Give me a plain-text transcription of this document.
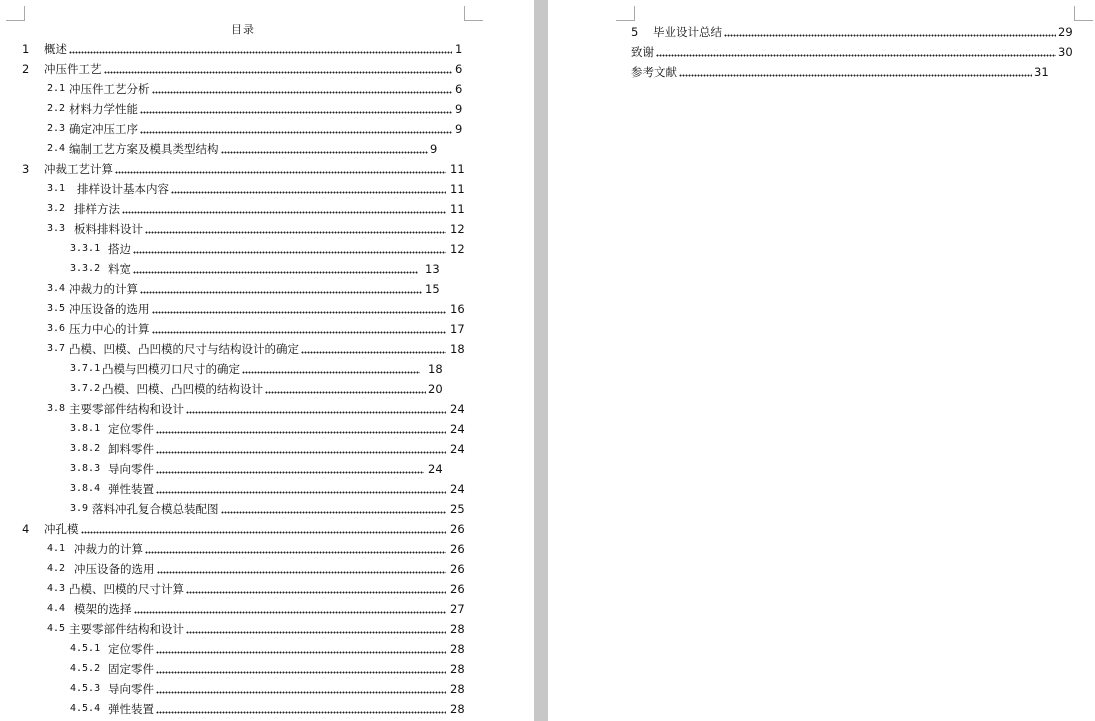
目录
1 概述	1
2 冲压件工艺	6
2.1 冲压件工艺分析	6
2.2 材料力学性能	9
2.3 确定冲压工序	9
2.4 编制工艺方案及模具类型结构	9
3 冲裁工艺计算	11
3.1 排样设计基本内容	11
3.2 排样方法	11
3.3 板料排料设计	12
3.3.1 搭边	12
3.3.2 料宽	13
3.4 冲裁力的计算	15
3.5 冲压设备的选用	16
3.6 压力中心的计算	17
3.7 凸模、凹模、凸凹模的尺寸与结构设计的确定	18
3.7.1 凸模与凹模刃口尺寸的确定	18
3.7.2 凸模、凹模、凸凹模的结构设计	20
3.8 主要零部件结构和设计	24
3.8.1 定位零件	24
3.8.2 卸料零件	24
3.8.3 导向零件	24
3.8.4 弹性装置	24
3.9 落料冲孔复合模总装配图	25
4 冲孔模	26
4.1 冲裁力的计算	26
4.2 冲压设备的选用	26
4.3 凸模、凹模的尺寸计算	26
4.4 模架的选择	27
4.5 主要零部件结构和设计	28
4.5.1 定位零件	28
4.5.2 固定零件	28
4.5.3 导向零件	28
4.5.4 弹性装置	28
5 毕业设计总结	29
致谢	30
参考文献	31
